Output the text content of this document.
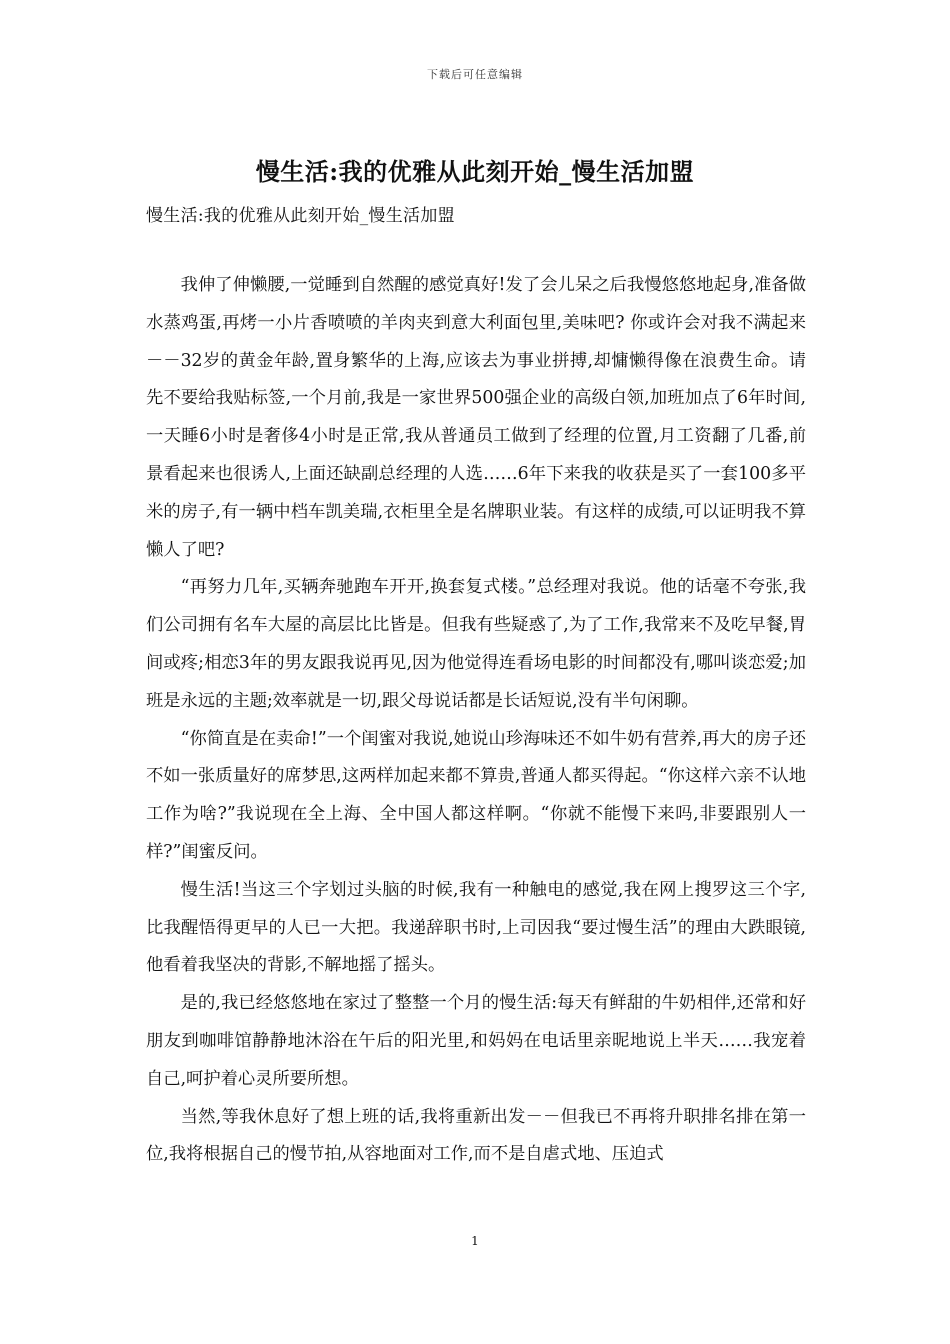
下载后可任意编辑
慢生活:我的优雅从此刻开始_慢生活加盟

慢生活:我的优雅从此刻开始_慢生活加盟

我伸了伸懒腰,一觉睡到自然醒的感觉真好!发了会儿呆之后我慢悠悠地起身,准备做水蒸鸡蛋,再烤一小片香喷喷的羊肉夹到意大利面包里,美味吧? 你或许会对我不满起来－－32岁的黄金年龄,置身繁华的上海,应该去为事业拼搏,却慵懒得像在浪费生命。请先不要给我贴标签,一个月前,我是一家世界500强企业的高级白领,加班加点了6年时间,一天睡6小时是奢侈4小时是正常,我从普通员工做到了经理的位置,月工资翻了几番,前景看起来也很诱人,上面还缺副总经理的人选……6年下来我的收获是买了一套100多平米的房子,有一辆中档车凯美瑞,衣柜里全是名牌职业装。有这样的成绩,可以证明我不算懒人了吧?

“再努力几年,买辆奔驰跑车开开,换套复式楼。”总经理对我说。他的话毫不夸张,我们公司拥有名车大屋的高层比比皆是。但我有些疑惑了,为了工作,我常来不及吃早餐,胃间或疼;相恋3年的男友跟我说再见,因为他觉得连看场电影的时间都没有,哪叫谈恋爱;加班是永远的主题;效率就是一切,跟父母说话都是长话短说,没有半句闲聊。

“你简直是在卖命!”一个闺蜜对我说,她说山珍海味还不如牛奶有营养,再大的房子还不如一张质量好的席梦思,这两样加起来都不算贵,普通人都买得起。“你这样六亲不认地工作为啥?”我说现在全上海、全中国人都这样啊。“你就不能慢下来吗,非要跟别人一样?”闺蜜反问。

慢生活!当这三个字划过头脑的时候,我有一种触电的感觉,我在网上搜罗这三个字,比我醒悟得更早的人已一大把。我递辞职书时,上司因我“要过慢生活”的理由大跌眼镜,他看着我坚决的背影,不解地摇了摇头。

是的,我已经悠悠地在家过了整整一个月的慢生活:每天有鲜甜的牛奶相伴,还常和好朋友到咖啡馆静静地沐浴在午后的阳光里,和妈妈在电话里亲昵地说上半天……我宠着自己,呵护着心灵所要所想。

当然,等我休息好了想上班的话,我将重新出发－－但我已不再将升职排名排在第一位,我将根据自己的慢节拍,从容地面对工作,而不是自虐式地、压迫式

1
